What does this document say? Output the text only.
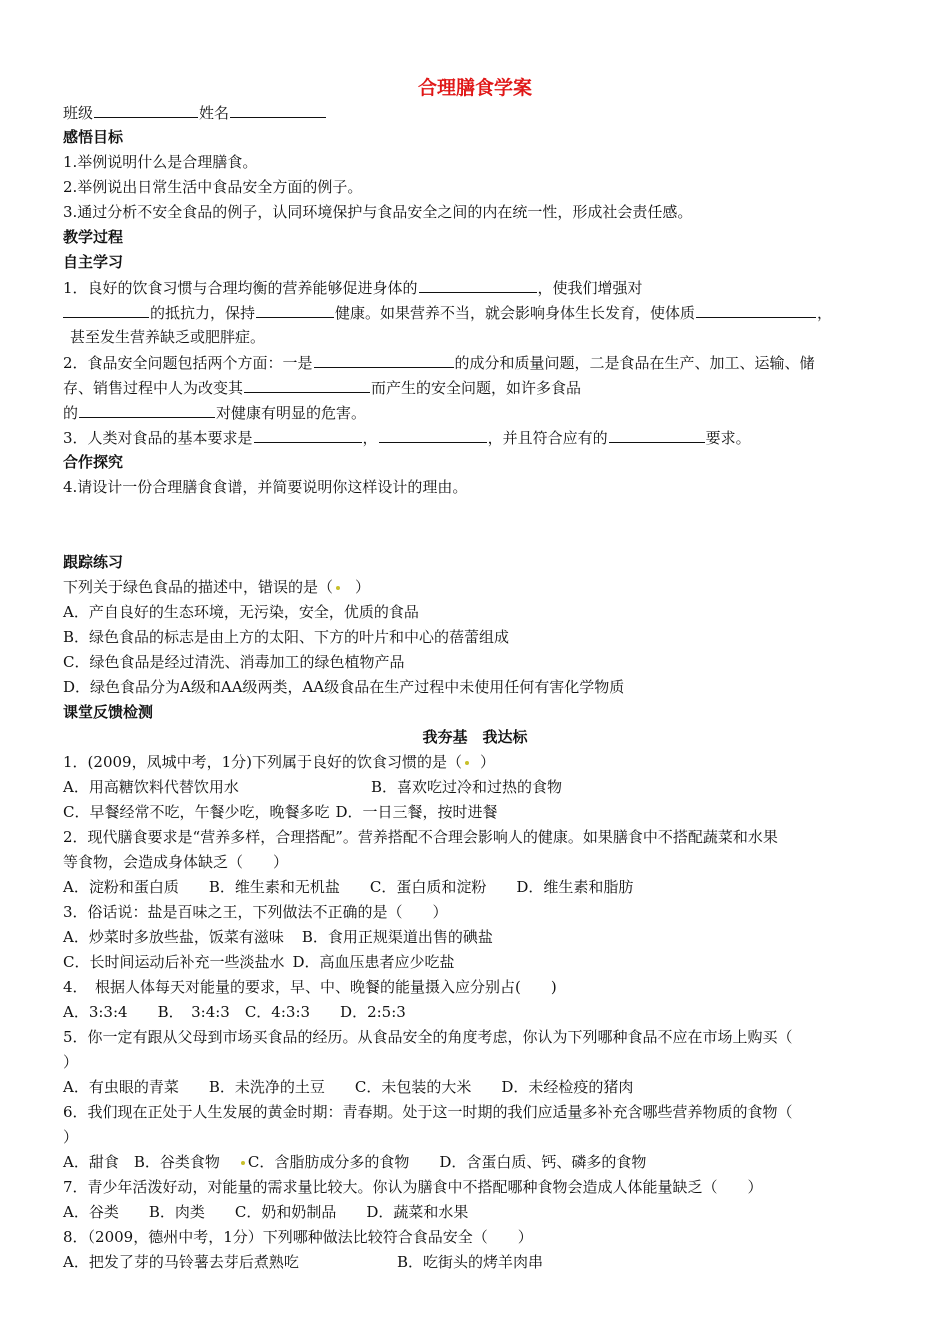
合理膳食学案
班级	姓名
感悟目标
1.举例说明什么是合理膳食。
2.举例说出日常生活中食品安全方面的例子。
3.通过分析不安全食品的例子，认同环境保护与食品安全之间的内在统一性，形成社会责任感。
教学过程
自主学习
1．良好的饮食习惯与合理均衡的营养能够促进身体的	，使我们增强对
的抵抗力，保持	健康。如果营养不当，就会影响身体生长发育，使体质	，
甚至发生营养缺乏或肥胖症。
2．食品安全问题包括两个方面：一是	的成分和质量问题，二是食品在生产、加工、运输、储
存、销售过程中人为改变其	而产生的安全问题，如许多食品
的	对健康有明显的危害。
3．人类对食品的基本要求是	，	，并且符合应有的	要求。
合作探究
4.请设计一份合理膳食食谱，并简要说明你这样设计的理由。
跟踪练习
下列关于绿色食品的描述中，错误的是（ ）
A．产自良好的生态环境，无污染，安全，优质的食品
B．绿色食品的标志是由上方的太阳、下方的叶片和中心的蓓蕾组成
C．绿色食品是经过清洗、消毒加工的绿色植物产品
D．绿色食品分为A级和AA级两类，AA级食品在生产过程中未使用任何有害化学物质
课堂反馈检测
我夯基　我达标
1．(2009，凤城中考，1分)下列属于良好的饮食习惯的是（ ）
A．用高糖饮料代替饮用水	B．喜欢吃过冷和过热的食物
C．早餐经常不吃，午餐少吃，晚餐多吃 D．一日三餐，按时进餐
2．现代膳食要求是“营养多样，合理搭配”。营养搭配不合理会影响人的健康。如果膳食中不搭配蔬菜和水果
等食物，会造成身体缺乏（　　）
A．淀粉和蛋白质　　B．维生素和无机盐　　C．蛋白质和淀粉　　D．维生素和脂肪
3．俗话说：盐是百味之王，下列做法不正确的是（　　）
A．炒菜时多放些盐，饭菜有滋味 B．食用正规渠道出售的碘盐
C．长时间运动后补充一些淡盐水 D．高血压患者应少吃盐
4．　根据人体每天对能量的要求，早、中、晚餐的能量摄入应分别占(　　)
A．3:3:4　　B．　3:4:3　C．4:3:3　　D．2:5:3
5．你一定有跟从父母到市场买食品的经历。从食品安全的角度考虑，你认为下列哪种食品不应在市场上购买（
）
A．有虫眼的青菜　　B．未洗净的土豆　　C．未包装的大米　　D．未经检疫的猪肉
6．我们现在正处于人生发展的黄金时期：青春期。处于这一时期的我们应适量多补充含哪些营养物质的食物（
）
A．甜食　B．谷类食物 C．含脂肪成分多的食物　　D．含蛋白质、钙、磷多的食物
7．青少年活泼好动，对能量的需求量比较大。你认为膳食中不搭配哪种食物会造成人体能量缺乏（　　）
A．谷类　　B．肉类　　C．奶和奶制品　　D．蔬菜和水果
8．（2009，德州中考，1分）下列哪种做法比较符合食品安全（　　）
A．把发了芽的马铃薯去芽后煮熟吃	B．吃街头的烤羊肉串
